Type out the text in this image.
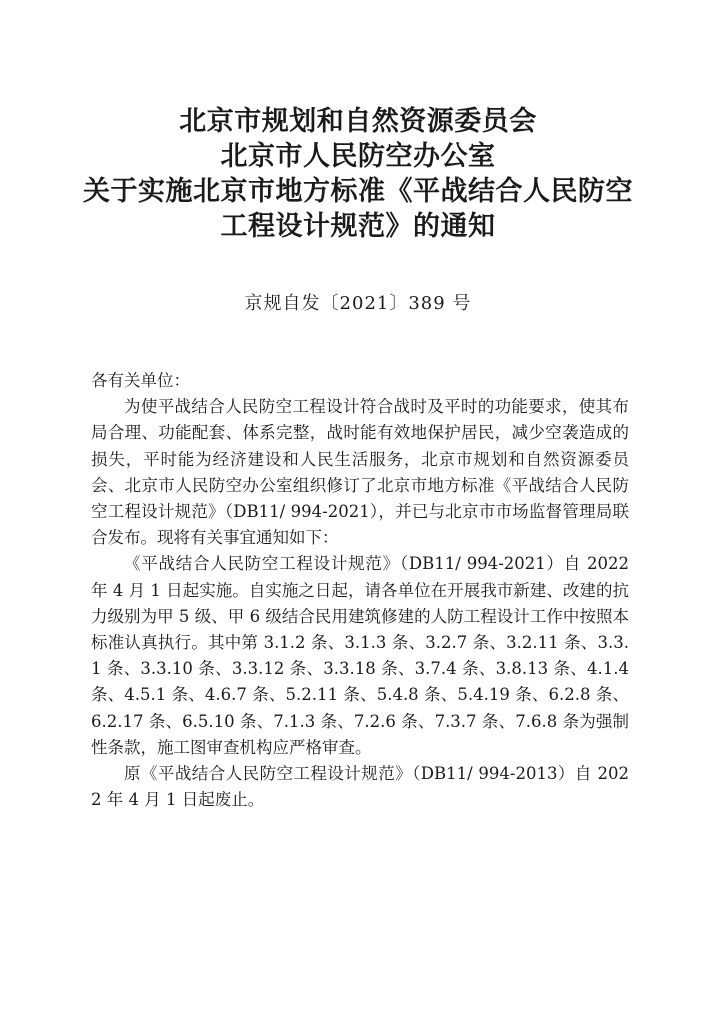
北京市规划和自然资源委员会
北京市人民防空办公室
关于实施北京市地方标准《平战结合人民防空
工程设计规范》的通知
京规自发〔2021〕389 号

各有关单位：

为使平战结合人民防空工程设计符合战时及平时的功能要求，使其布局合理、功能配套、体系完整，战时能有效地保护居民，减少空袭造成的损失，平时能为经济建设和人民生活服务，北京市规划和自然资源委员会、北京市人民防空办公室组织修订了北京市地方标准《平战结合人民防空工程设计规范》（DB11/ 994-2021），并已与北京市市场监督管理局联合发布。现将有关事宜通知如下：

《平战结合人民防空工程设计规范》（DB11/ 994-2021）自 2022 年 4 月 1 日起实施。自实施之日起，请各单位在开展我市新建、改建的抗力级别为甲 5 级、甲 6 级结合民用建筑修建的人防工程设计工作中按照本标准认真执行。其中第 3.1.2 条、3.1.3 条、3.2.7 条、3.2.11 条、3.3.1 条、3.3.10 条、3.3.12 条、3.3.18 条、3.7.4 条、3.8.13 条、4.1.4 条、4.5.1 条、4.6.7 条、5.2.11 条、5.4.8 条、5.4.19 条、6.2.8 条、6.2.17 条、6.5.10 条、7.1.3 条、7.2.6 条、7.3.7 条、7.6.8 条为强制性条款，施工图审查机构应严格审查。

原《平战结合人民防空工程设计规范》（DB11/ 994-2013）自 2022 年 4 月 1 日起废止。
